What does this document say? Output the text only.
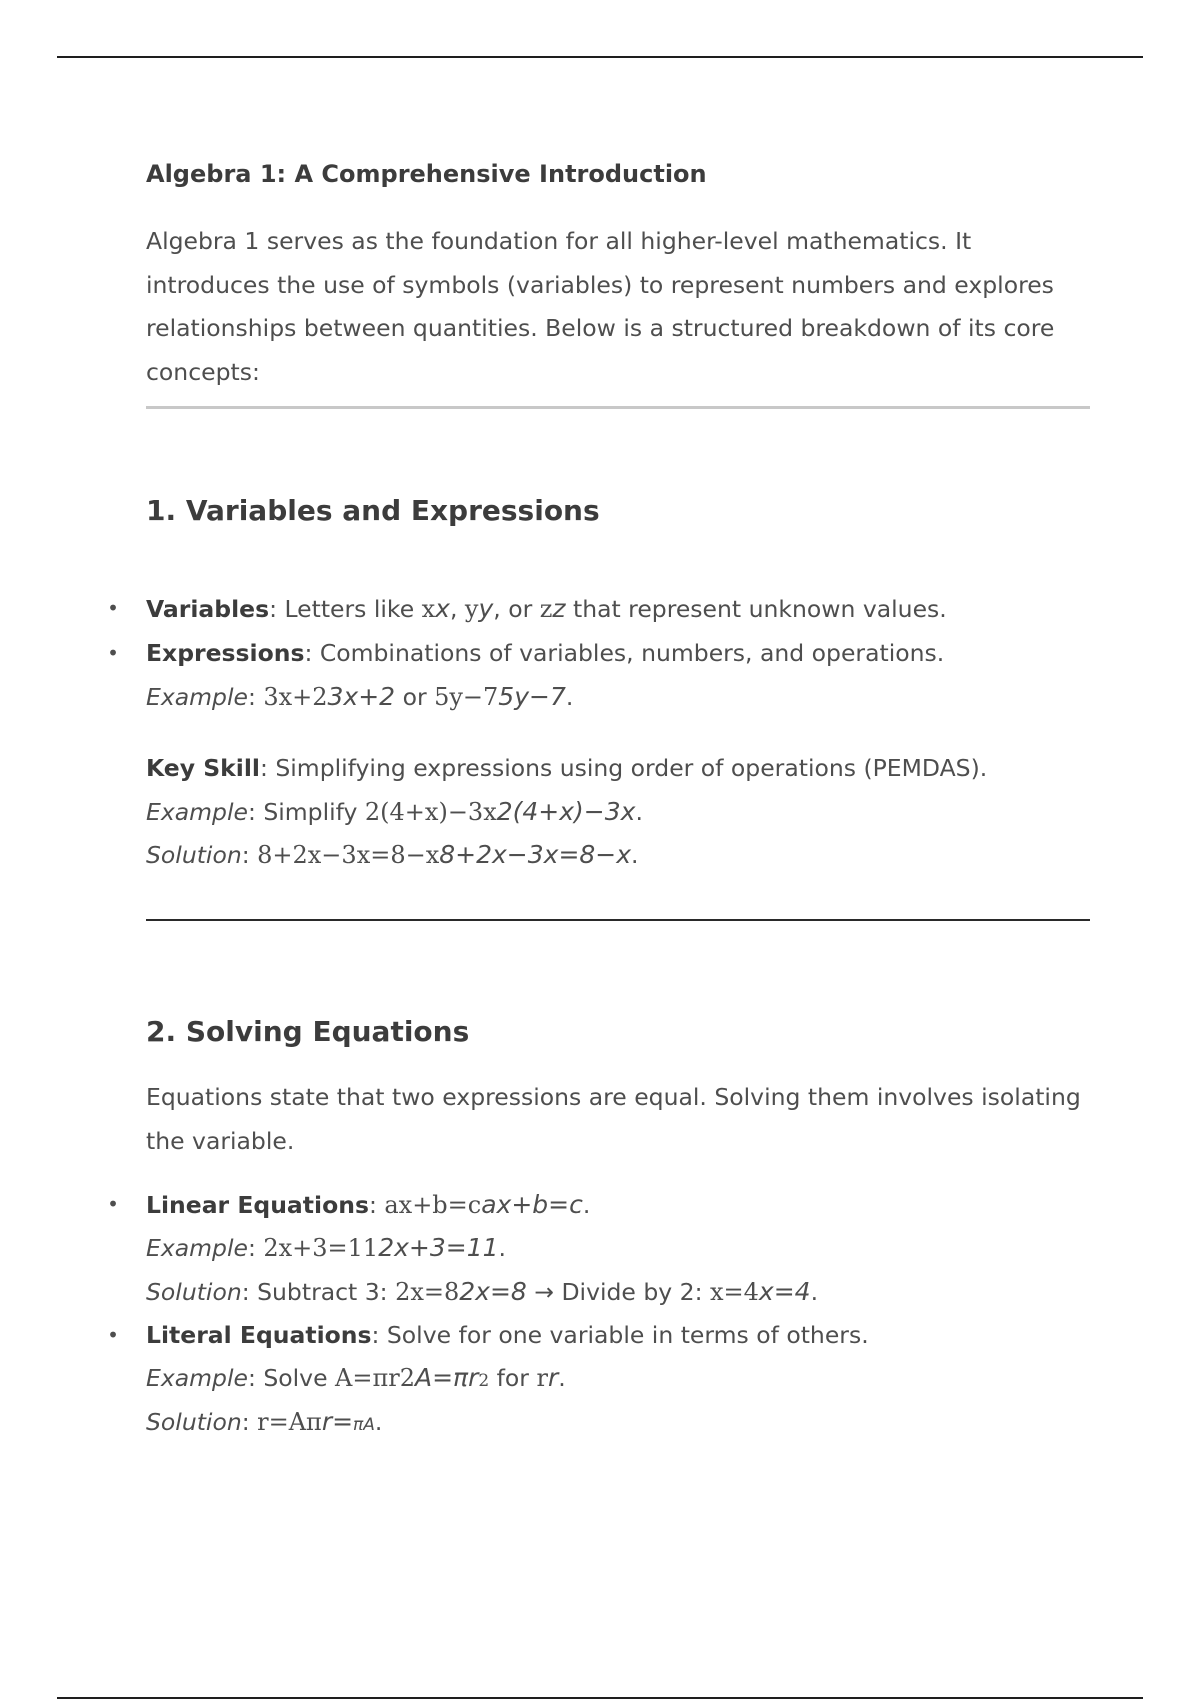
Algebra 1: A Comprehensive Introduction

Algebra 1 serves as the foundation for all higher-level mathematics. It introduces the use of symbols (variables) to represent numbers and explores relationships between quantities. Below is a structured breakdown of its core concepts:

1. Variables and Expressions
• Variables: Letters like xx, yy, or zz that represent unknown values.
• Expressions: Combinations of variables, numbers, and operations.
Example: 3x+23x+2 or 5y−75y−7.
Key Skill: Simplifying expressions using order of operations (PEMDAS).
Example: Simplify 2(4+x)−3x2(4+x)−3x.
Solution: 8+2x−3x=8−x8+2x−3x=8−x.
2. Solving Equations

Equations state that two expressions are equal. Solving them involves isolating the variable.

• Linear Equations: ax+b=cax+b=c.
Example: 2x+3=112x+3=11.
Solution: Subtract 3: 2x=82x=8 → Divide by 2: x=4x=4.
• Literal Equations: Solve for one variable in terms of others.
Example: Solve A=πr2A=πr2 for rr.
Solution: r=Aπr=πA.
